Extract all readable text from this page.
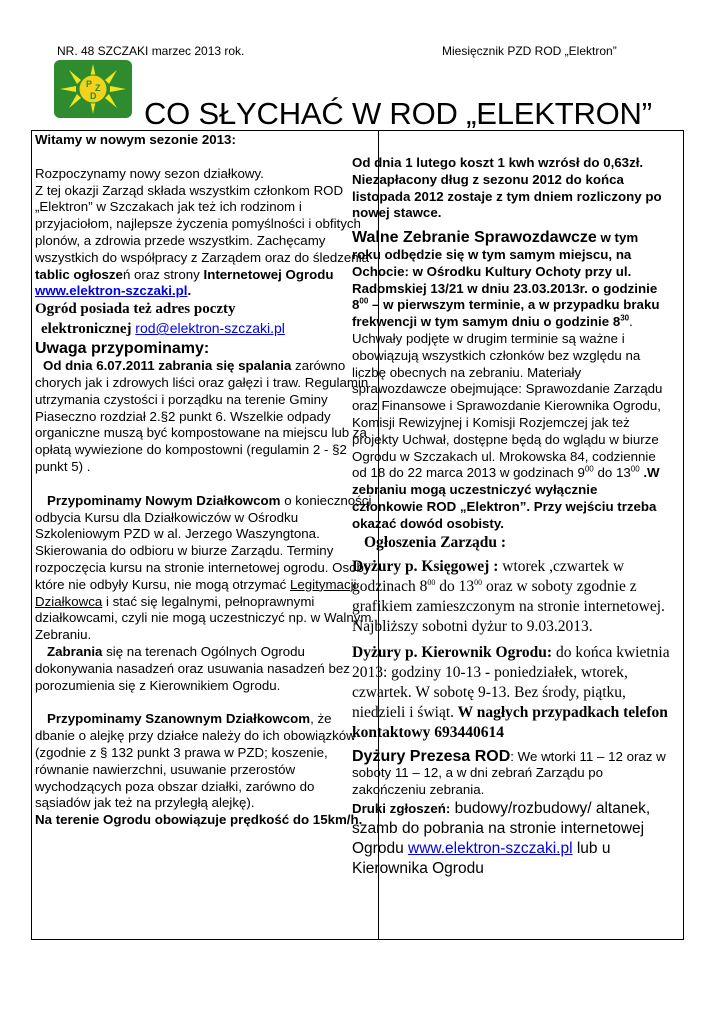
NR. 48 SZCZAKI marzec 2013 rok.	Miesięcznik PZD ROD „Elektron”
P Z
D CO SŁYCHAĆ W ROD „ELEKTRON”

Witamy w nowym sezonie 2013:

Rozpoczynamy nowy sezon działkowy.

Z tej okazji Zarząd składa wszystkim członkom ROD „Elektron” w Szczakach jak też ich rodzinom i przyjaciołom, najlepsze życzenia pomyślności i obfitych plonów, a zdrowia przede wszystkim. Zachęcamy wszystkich do współpracy z Zarządem oraz do śledzenia
tablic ogłoszeń oraz strony Internetowej Ogrodu www.elektron-szczaki.pl.

Ogród posiada też adres poczty

elektronicznej rod@elektron-szczaki.pl

Uwaga przypominamy:

Od dnia 6.07.2011 zabrania się spalania zarówno chorych jak i zdrowych liści oraz gałęzi i traw. Regulamin utrzymania czystości i porządku na terenie Gminy Piaseczno rozdział 2.§2 punkt 6. Wszelkie odpady organiczne muszą być kompostowane na miejscu lub za opłatą wywiezione do kompostowni (regulamin 2 - §2 punkt 5) .

Przypominamy Nowym Działkowcom o konieczności odbycia Kursu dla Działkowiczów w Ośrodku Szkoleniowym PZD w al. Jerzego Waszyngtona. Skierowania do odbioru w biurze Zarządu. Terminy rozpoczęcia kursu na stronie internetowej ogrodu. Osoby które nie odbyły Kursu, nie mogą otrzymać Legitymacji Działkowca i stać się legalnymi, pełnoprawnymi działkowcami, czyli nie mogą uczestniczyć np. w Walnym Zebraniu.

Zabrania się na terenach Ogólnych Ogrodu dokonywania nasadzeń oraz usuwania nasadzeń bez porozumienia się z Kierownikiem Ogrodu.

Przypominamy Szanownym Działkowcom, że dbanie o alejkę przy działce należy do ich obowiązków (zgodnie z § 132 punkt 3 prawa w PZD; koszenie, równanie nawierzchni, usuwanie przerostów wychodzących poza obszar działki, zarówno do sąsiadów jak też na przyległą alejkę).

Na terenie Ogrodu obowiązuje prędkość do 15km/h.

Od dnia 1 lutego koszt 1 kwh wzrósł do 0,63zł. Niezapłacony dług z sezonu 2012 do końca listopada 2012 zostaje z tym dniem rozliczony po nowej stawce.

Walne Zebranie Sprawozdawcze w tym roku odbędzie się w tym samym miejscu, na Ochocie: w Ośrodku Kultury Ochoty przy ul. Radomskiej 13/21 w dniu 23.03.2013r. o godzinie $8^{00}$ – w pierwszym terminie, a w przypadku braku frekwencji w tym samym dniu o godzinie $8^{30}$. Uchwały podjęte w drugim terminie są ważne i obowiązują wszystkich członków bez względu na liczbę obecnych na zebraniu. Materiały sprawozdawcze obejmujące: Sprawozdanie Zarządu oraz Finansowe i Sprawozdanie Kierownika Ogrodu, Komisji Rewizyjnej i Komisji Rozjemczej jak też projekty Uchwał, dostępne będą do wglądu w biurze Ogrodu w Szczakach ul. Mrokowska 84, codziennie od 18 do 22 marca 2013 w godzinach $9^{00}$ do $13^{00}$ .W zebraniu mogą uczestniczyć wyłącznie członkowie ROD „Elektron”. Przy wejściu trzeba okazać dowód osobisty.

Ogłoszenia Zarządu :

Dyżury p. Księgowej : wtorek ,czwartek w godzinach $8^{00}$ do $13^{00}$ oraz w soboty zgodnie z grafikiem zamieszczonym na stronie internetowej. Najbliższy sobotni dyżur to 9.03.2013.

Dyżury p. Kierownik Ogrodu: do końca kwietnia 2013: godziny 10-13 - poniedziałek, wtorek, czwartek. W sobotę 9-13. Bez środy, piątku, niedzieli i świąt. W nagłych przypadkach telefon kontaktowy 693440614

Dyżury Prezesa ROD: We wtorki 11 – 12 oraz w soboty 11 – 12, a w dni zebrań Zarządu po zakończeniu zebrania.

Druki zgłoszeń: budowy/rozbudowy/ altanek, szamb do pobrania na stronie internetowej Ogrodu www.elektron-szczaki.pl lub u Kierownika Ogrodu
